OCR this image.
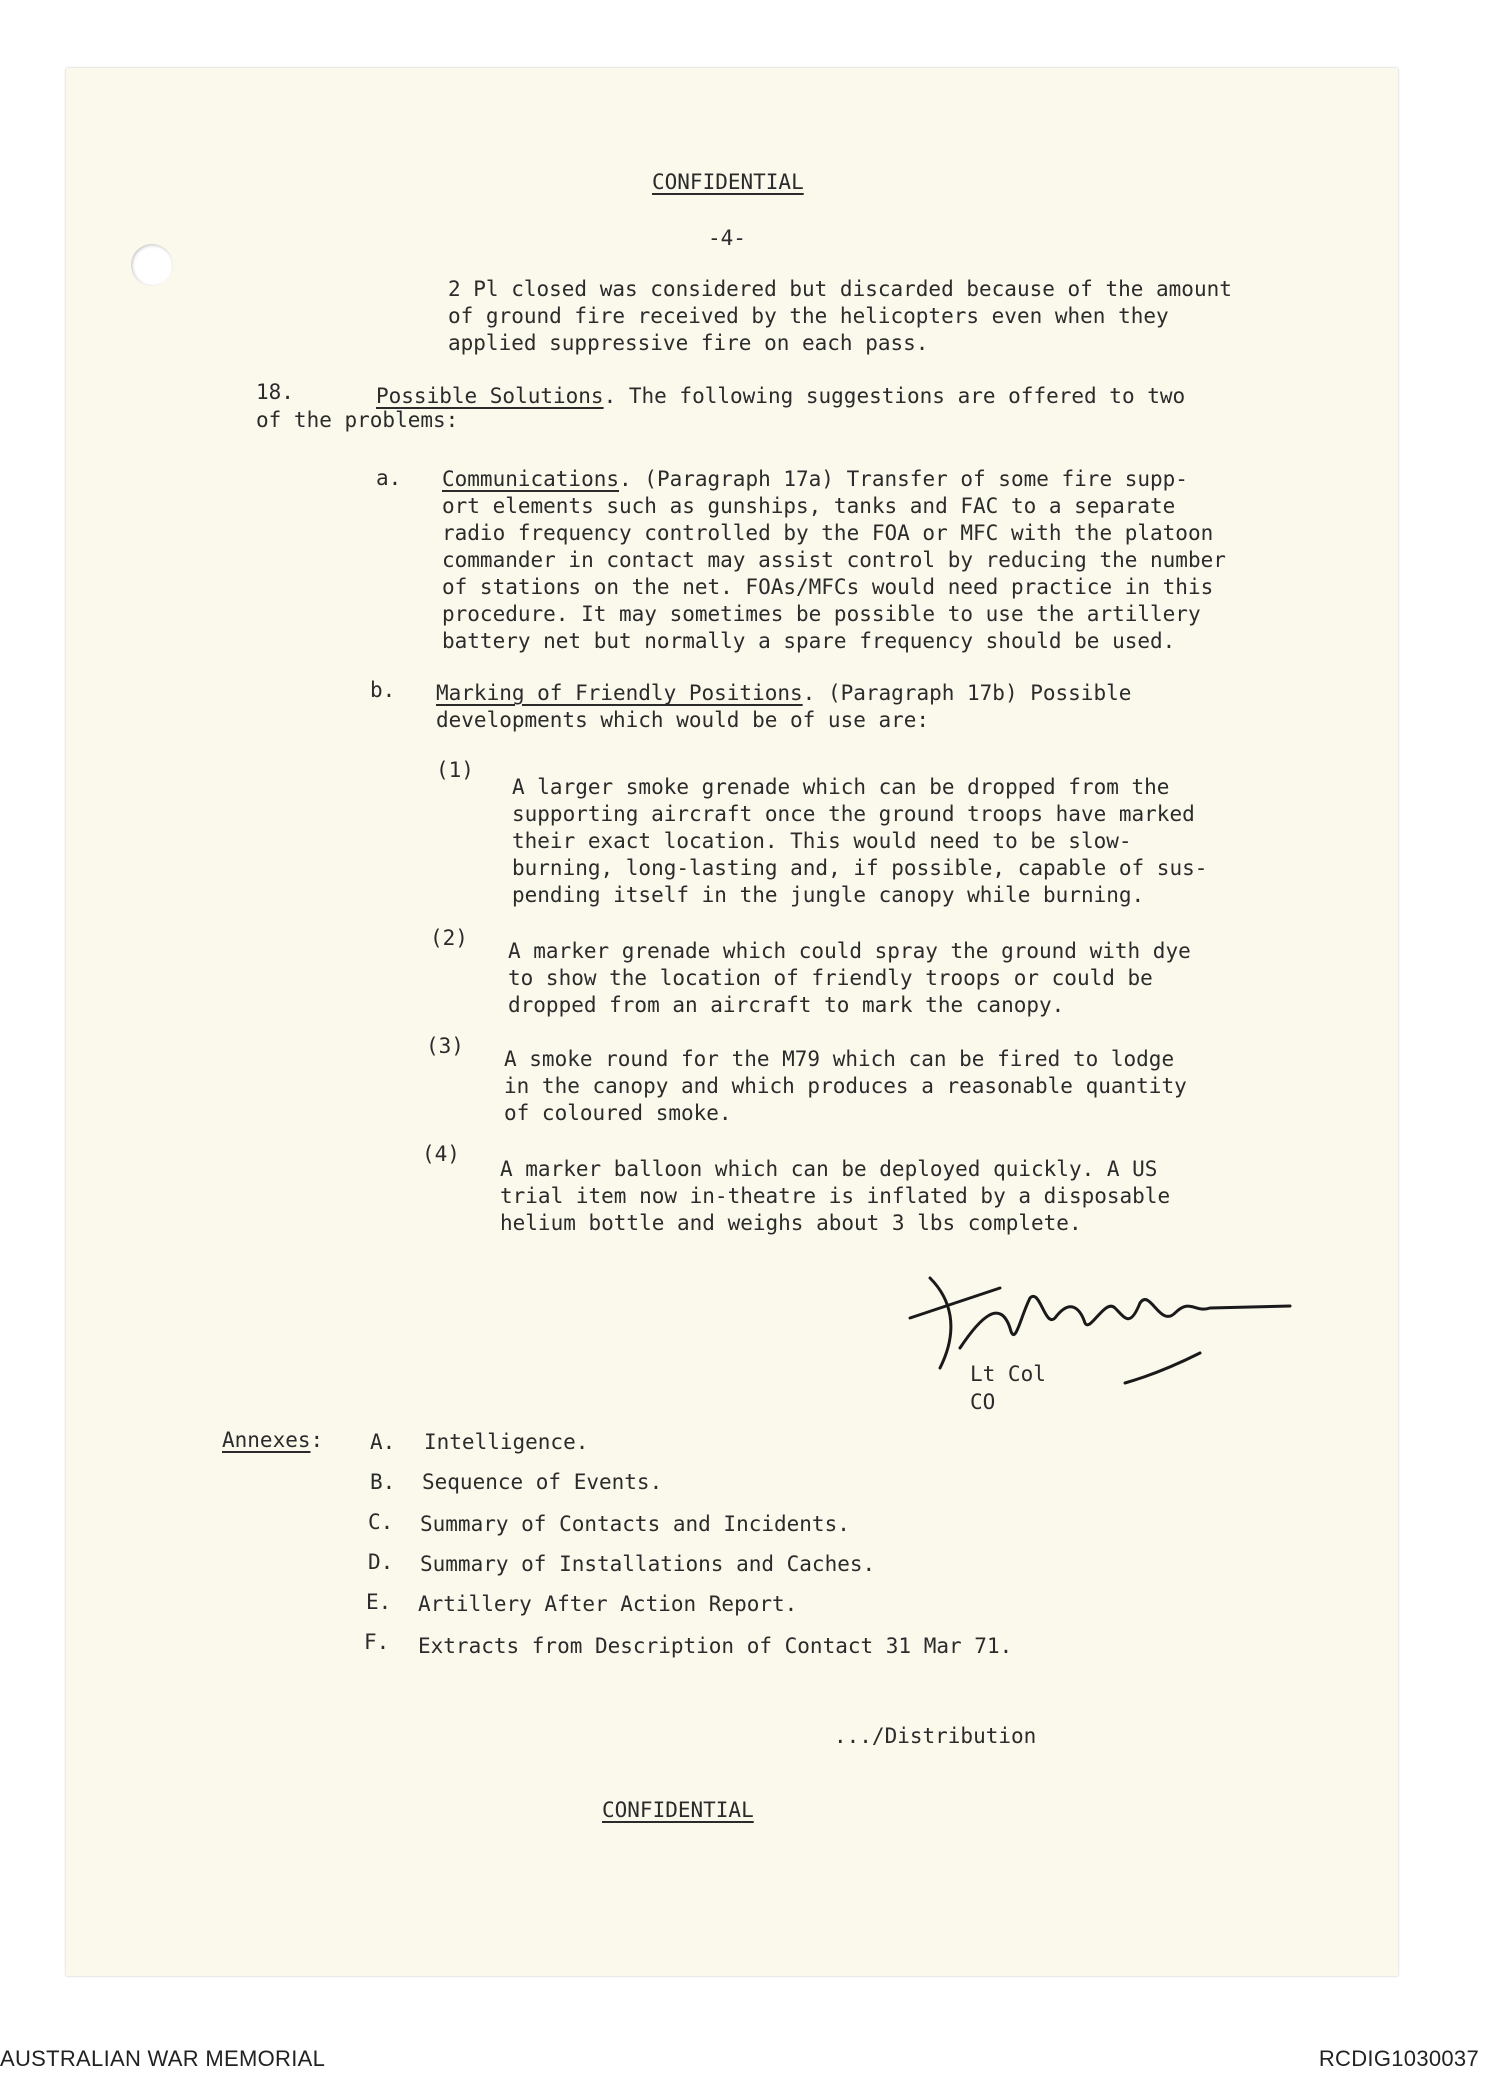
CONFIDENTIAL
-4-
2 Pl closed was considered but discarded because of the amount
of ground fire received by the helicopters even when they
applied suppressive fire on each pass.
18.	Possible Solutions. The following suggestions are offered to two
of the problems:
a. Communications. (Paragraph 17a) Transfer of some fire supp-
ort elements such as gunships, tanks and FAC to a separate
radio frequency controlled by the FOA or MFC with the platoon
commander in contact may assist control by reducing the number
of stations on the net. FOAs/MFCs would need practice in this
procedure. It may sometimes be possible to use the artillery
battery net but normally a spare frequency should be used.
b. Marking of Friendly Positions. (Paragraph 17b) Possible
developments which would be of use are:
(1)
A larger smoke grenade which can be dropped from the
supporting aircraft once the ground troops have marked
their exact location. This would need to be slow-
burning, long-lasting and, if possible, capable of sus-
pending itself in the jungle canopy while burning.
(2)
A marker grenade which could spray the ground with dye
to show the location of friendly troops or could be
dropped from an aircraft to mark the canopy.
(3)
A smoke round for the M79 which can be fired to lodge
in the canopy and which produces a reasonable quantity
of coloured smoke.
(4)
A marker balloon which can be deployed quickly. A US
trial item now in-theatre is inflated by a disposable
helium bottle and weighs about 3 lbs complete.
Lt Col
CO
Annexes: A. Intelligence.
B. Sequence of Events.
C. Summary of Contacts and Incidents.
D. Summary of Installations and Caches.
E. Artillery After Action Report.
F. Extracts from Description of Contact 31 Mar 71.
.../Distribution
CONFIDENTIAL
AUSTRALIAN WAR MEMORIAL	RCDIG1030037
